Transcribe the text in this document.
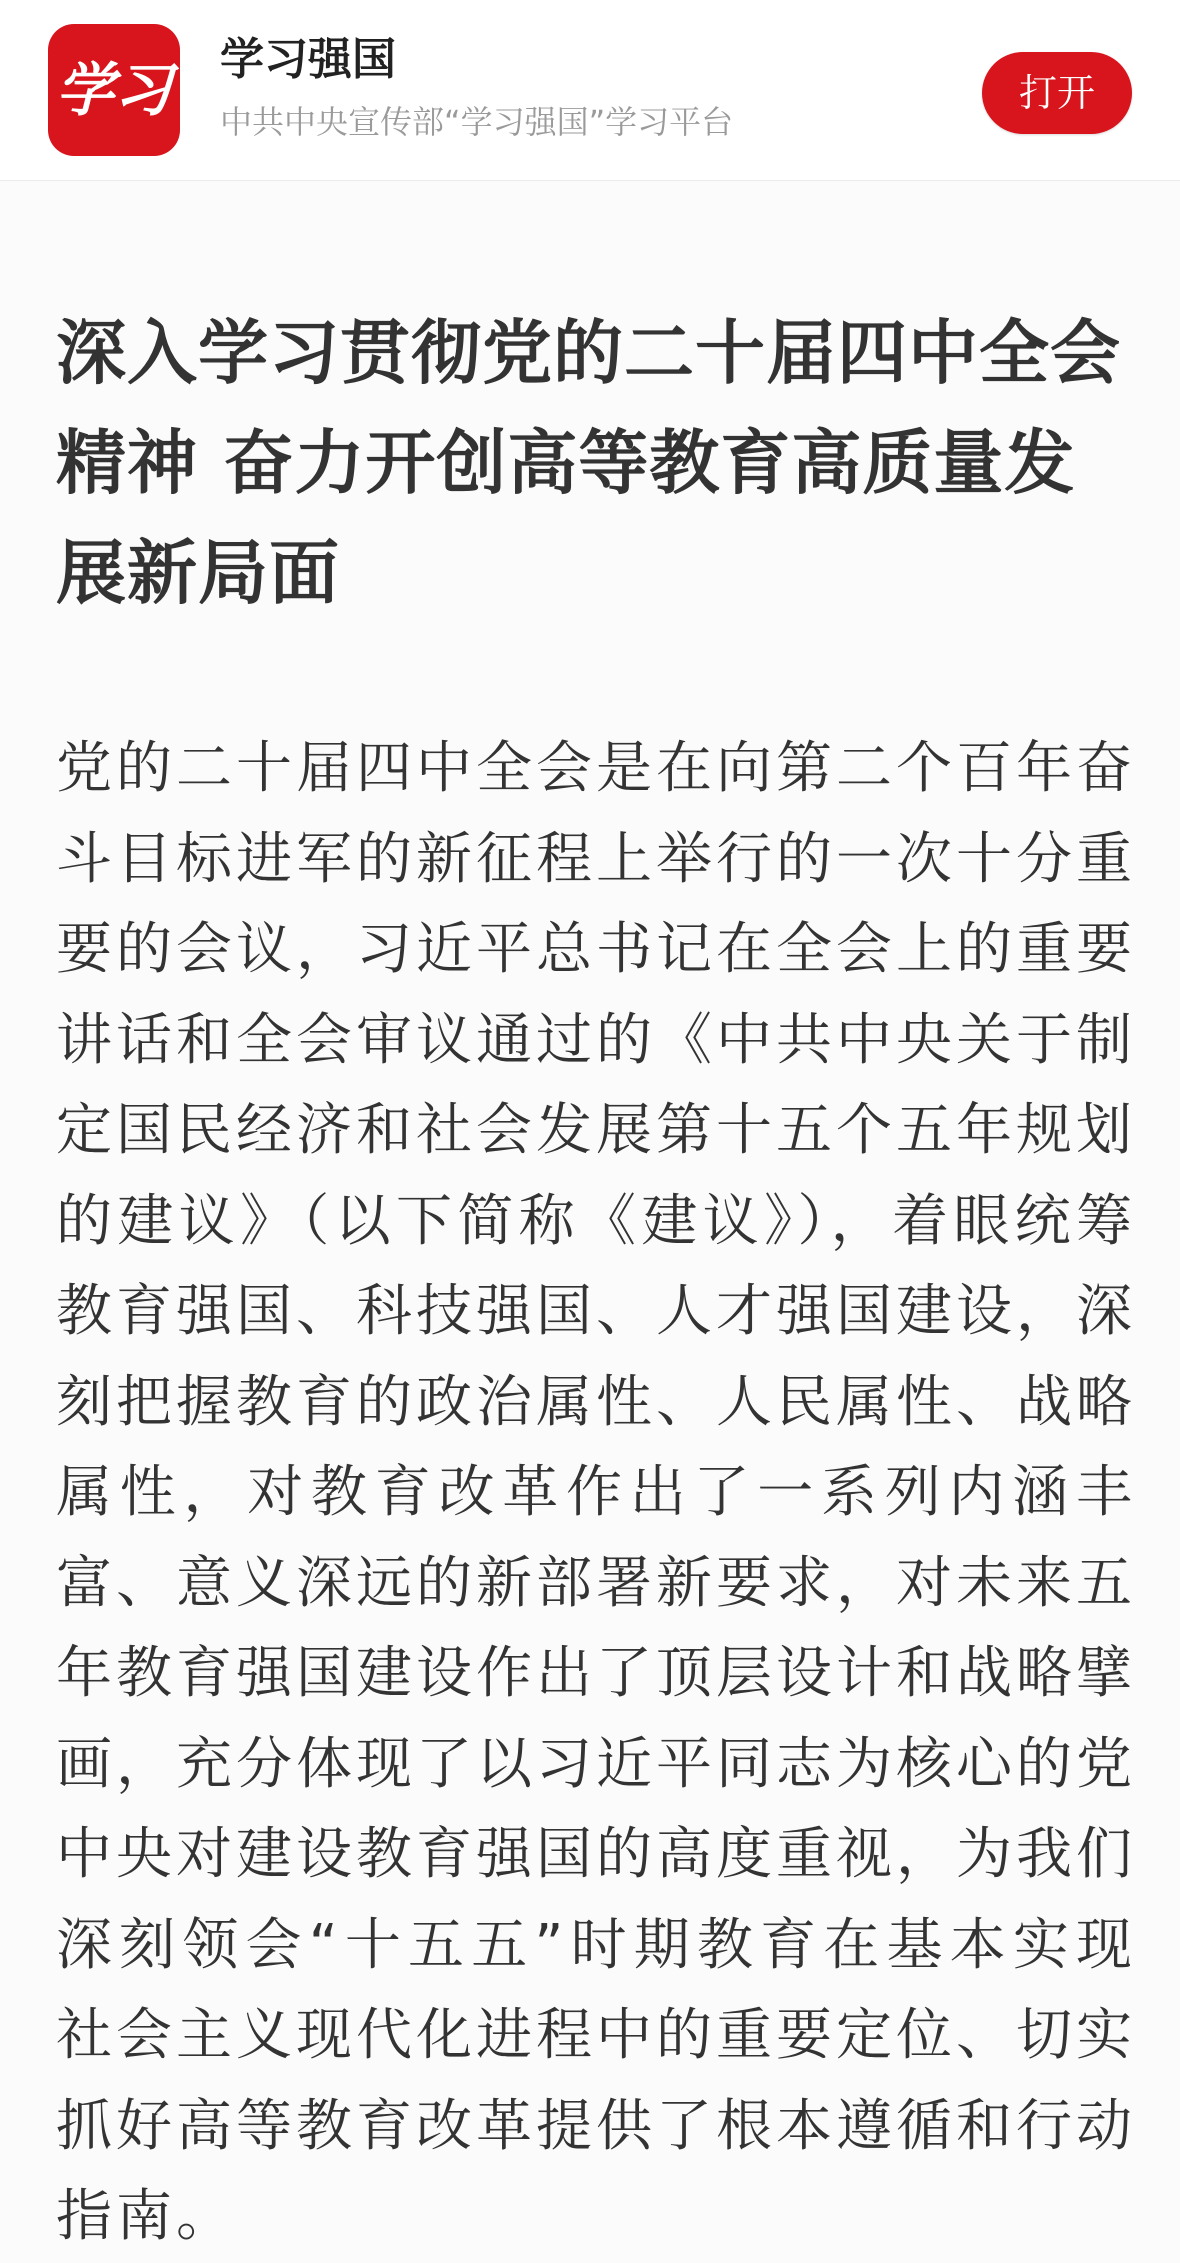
学习 学习强国
中共中央宣传部“学习强国”学习平台
打开
深入学习贯彻党的二十届四中全会精神 奋力开创高等教育高质量发展新局面

党的二十届四中全会是在向第二个百年奋斗目标进军的新征程上举行的一次十分重要的会议，习近平总书记在全会上的重要讲话和全会审议通过的《中共中央关于制定国民经济和社会发展第十五个五年规划的建议》（以下简称《建议》），着眼统筹教育强国、科技强国、人才强国建设，深刻把握教育的政治属性、人民属性、战略属性，对教育改革作出了一系列内涵丰富、意义深远的新部署新要求，对未来五年教育强国建设作出了顶层设计和战略擘画，充分体现了以习近平同志为核心的党中央对建设教育强国的高度重视，为我们深刻领会“十五五”时期教育在基本实现社会主义现代化进程中的重要定位、切实抓好高等教育改革提供了根本遵循和行动指南。
